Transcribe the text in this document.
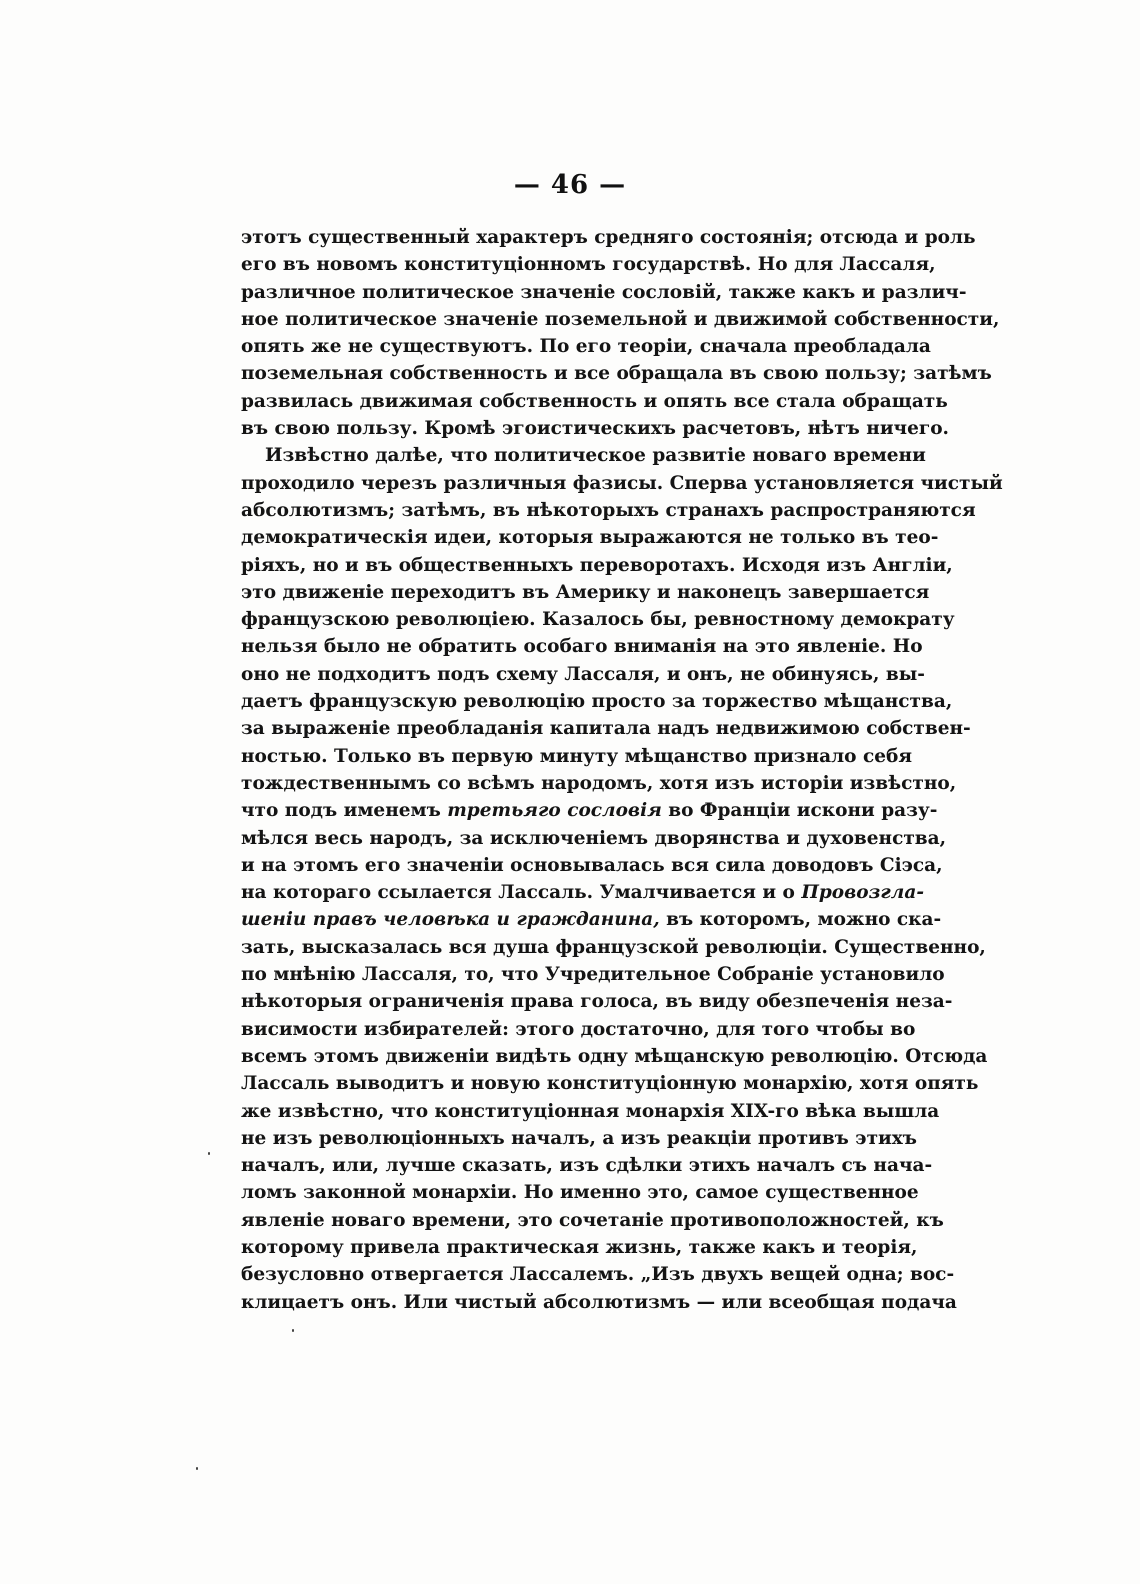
— 46 —
этотъ существенный характеръ средняго состоянія; отсюда и роль
его въ новомъ конституціонномъ государствѣ. Но для Лассаля,
различное политическое значеніе сословій, также какъ и различ-
ное политическое значеніе поземельной и движимой собственности,
опять же не существуютъ. По его теоріи, сначала преобладала
поземельная собственность и все обращала въ свою пользу; затѣмъ
развилась движимая собственность и опять все стала обращать
въ свою пользу. Кромѣ эгоистическихъ расчетовъ, нѣтъ ничего.
Извѣстно далѣе, что политическое развитіе новаго времени
проходило черезъ различныя фазисы. Сперва установляется чистый
абсолютизмъ; затѣмъ, въ нѣкоторыхъ странахъ распространяются
демократическія идеи, которыя выражаются не только въ тео-
ріяхъ, но и въ общественныхъ переворотахъ. Исходя изъ Англіи,
это движеніе переходитъ въ Америку и наконецъ завершается
французскою революціею. Казалось бы, ревностному демократу
нельзя было не обратить особаго вниманія на это явленіе. Но
оно не подходитъ подъ схему Лассаля, и онъ, не обинуясь, вы-
даетъ французскую революцію просто за торжество мѣщанства,
за выраженіе преобладанія капитала надъ недвижимою собствен-
ностью. Только въ первую минуту мѣщанство признало себя
тождественнымъ со всѣмъ народомъ, хотя изъ исторіи извѣстно,
что подъ именемъ третьяго сословія во Франціи искони разу-
мѣлся весь народъ, за исключеніемъ дворянства и духовенства,
и на этомъ его значеніи основывалась вся сила доводовъ Сіэса,
на котораго ссылается Лассаль. Умалчивается и о Провозгла-
шеніи правъ человѣка и гражданина, въ которомъ, можно ска-
зать, высказалась вся душа французской революціи. Существенно,
по мнѣнію Лассаля, то, что Учредительное Собраніе установило
нѣкоторыя ограниченія права голоса, въ виду обезпеченія неза-
висимости избирателей: этого достаточно, для того чтобы во
всемъ этомъ движеніи видѣть одну мѣщанскую революцію. Отсюда
Лассаль выводитъ и новую конституціонную монархію, хотя опять
же извѣстно, что конституціонная монархія XIX-го вѣка вышла
не изъ революціонныхъ началъ, а изъ реакціи противъ этихъ
началъ, или, лучше сказать, изъ сдѣлки этихъ началъ съ нача-
ломъ законной монархіи. Но именно это, самое существенное
явленіе новаго времени, это сочетаніе противоположностей, къ
которому привела практическая жизнь, также какъ и теорія,
безусловно отвергается Лассалемъ. „Изъ двухъ вещей одна; вос-
клицаетъ онъ. Или чистый абсолютизмъ — или всеобщая подача
